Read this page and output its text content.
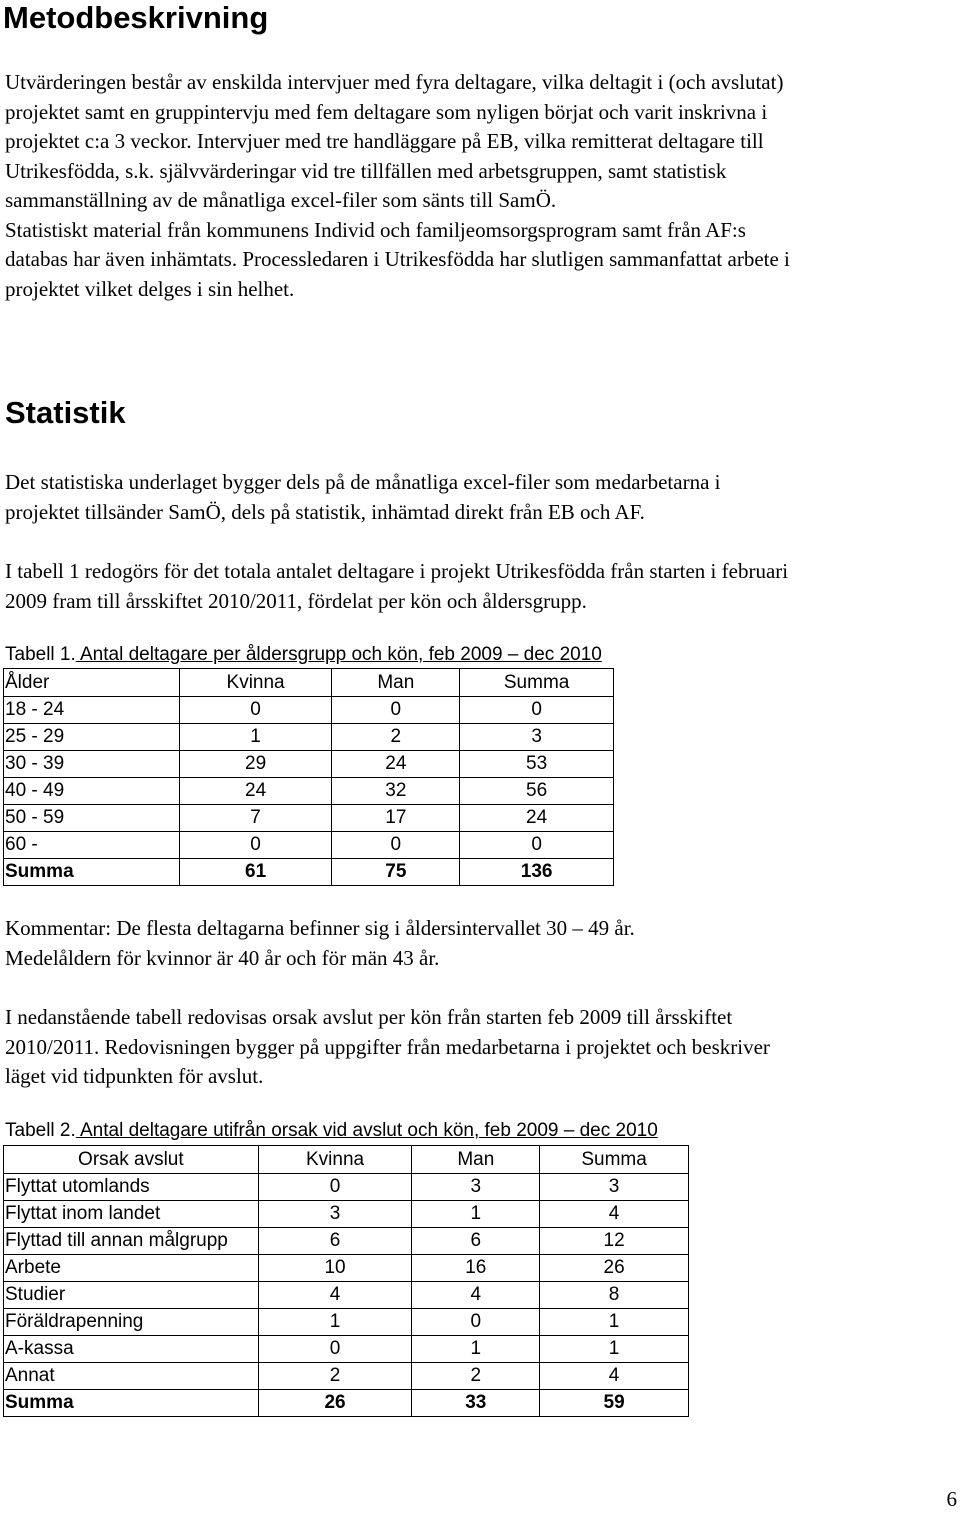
Metodbeskrivning
Utvärderingen består av enskilda intervjuer med fyra deltagare, vilka deltagit i (och avslutat)
projektet samt en gruppintervju med fem deltagare som nyligen börjat och varit inskrivna i
projektet c:a 3 veckor. Intervjuer med tre handläggare på EB, vilka remitterat deltagare till
Utrikesfödda, s.k. självvärderingar vid tre tillfällen med arbetsgruppen, samt statistisk
sammanställning av de månatliga excel-filer som sänts till SamÖ.
Statistiskt material från kommunens Individ och familjeomsorgsprogram samt från AF:s
databas har även inhämtats. Processledaren i Utrikesfödda har slutligen sammanfattat arbete i
projektet vilket delges i sin helhet.
Statistik
Det statistiska underlaget bygger dels på de månatliga excel-filer som medarbetarna i
projektet tillsänder SamÖ, dels på statistik, inhämtad direkt från EB och AF.
I tabell 1 redogörs för det totala antalet deltagare i projekt Utrikesfödda från starten i februari
2009 fram till årsskiftet 2010/2011, fördelat per kön och åldersgrupp.
Tabell 1. Antal deltagare per åldersgrupp och kön, feb 2009 – dec 2010
Ålder	Kvinna	Man	Summa
18 - 24	0	0	0
25 - 29	1	2	3
30 - 39	29	24	53
40 - 49	24	32	56
50 - 59	7	17	24
60 -	0	0	0
Summa	61	75	136
Kommentar: De flesta deltagarna befinner sig i åldersintervallet 30 – 49 år.
Medelåldern för kvinnor är 40 år och för män 43 år.
I nedanstående tabell redovisas orsak avslut per kön från starten feb 2009 till årsskiftet
2010/2011. Redovisningen bygger på uppgifter från medarbetarna i projektet och beskriver
läget vid tidpunkten för avslut.
Tabell 2. Antal deltagare utifrån orsak vid avslut och kön, feb 2009 – dec 2010
Orsak avslut	Kvinna	Man	Summa
Flyttat utomlands	0	3	3
Flyttat inom landet	3	1	4
Flyttad till annan målgrupp	6	6	12
Arbete	10	16	26
Studier	4	4	8
Föräldrapenning	1	0	1
A-kassa	0	1	1
Annat	2	2	4
Summa	26	33	59
6
